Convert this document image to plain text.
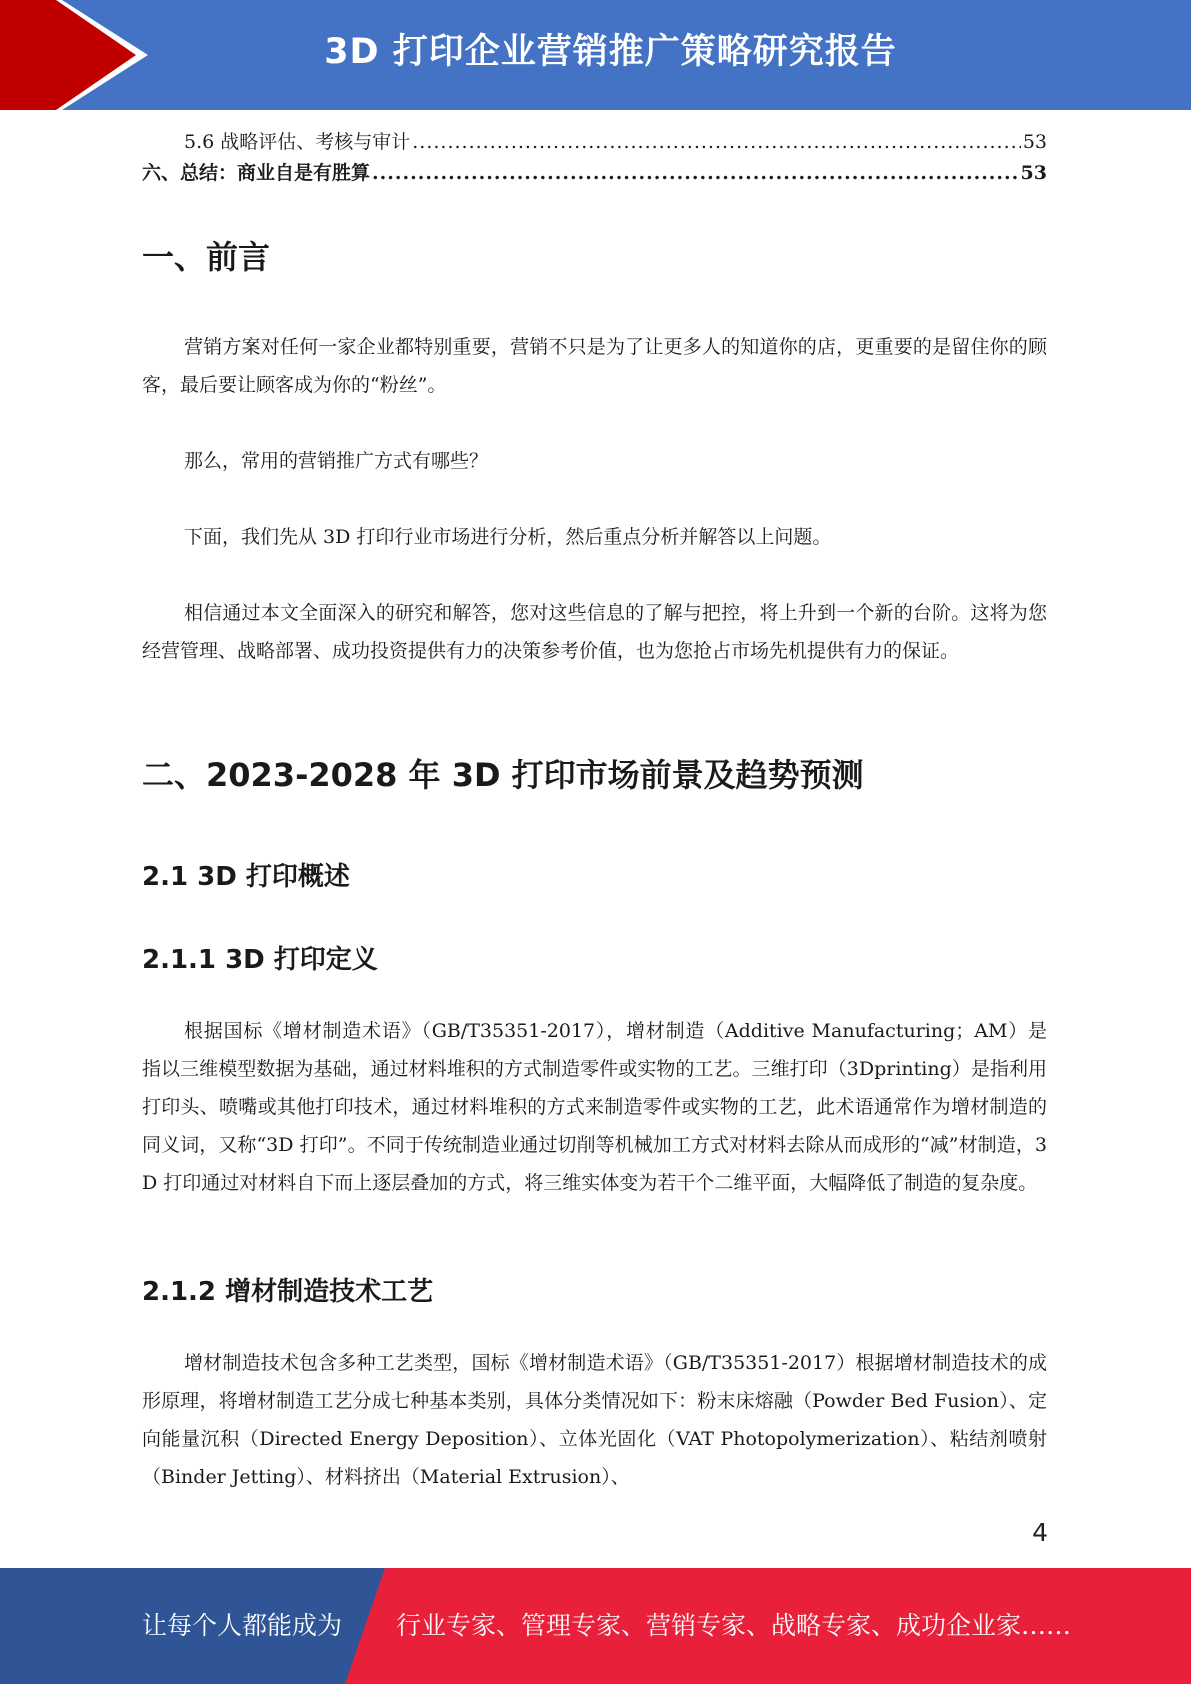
3D 打印企业营销推广策略研究报告
5.6 战略评估、考核与审计 .....	53
六、总结：商业自是有胜算 .....	53
一、前言

营销方案对任何一家企业都特别重要，营销不只是为了让更多人的知道你的店，更重要的是留住你的顾客，最后要让顾客成为你的“粉丝”。

那么，常用的营销推广方式有哪些？

下面，我们先从 3D 打印行业市场进行分析，然后重点分析并解答以上问题。

相信通过本文全面深入的研究和解答，您对这些信息的了解与把控，将上升到一个新的台阶。这将为您经营管理、战略部署、成功投资提供有力的决策参考价值，也为您抢占市场先机提供有力的保证。

二、2023-2028 年 3D 打印市场前景及趋势预测
2.1 3D 打印概述
2.1.1 3D 打印定义

根据国标《增材制造术语》（GB/T35351-2017），增材制造（Additive Manufacturing；AM）是指以三维模型数据为基础，通过材料堆积的方式制造零件或实物的工艺。三维打印（3Dprinting）是指利用打印头、喷嘴或其他打印技术，通过材料堆积的方式来制造零件或实物的工艺，此术语通常作为增材制造的同义词，又称“3D 打印”。不同于传统制造业通过切削等机械加工方式对材料去除从而成形的“减”材制造，3D 打印通过对材料自下而上逐层叠加的方式，将三维实体变为若干个二维平面，大幅降低了制造的复杂度。

2.1.2 增材制造技术工艺

增材制造技术包含多种工艺类型，国标《增材制造术语》（GB/T35351-2017）根据增材制造技术的成形原理，将增材制造工艺分成七种基本类别，具体分类情况如下：粉末床熔融（Powder Bed Fusion）、定向能量沉积（Directed Energy Deposition）、立体光固化（VAT Photopolymerization）、粘结剂喷射（Binder Jetting）、材料挤出（Material Extrusion）、

4
让每个人都能成为 行业专家、管理专家、营销专家、战略专家、成功企业家……
